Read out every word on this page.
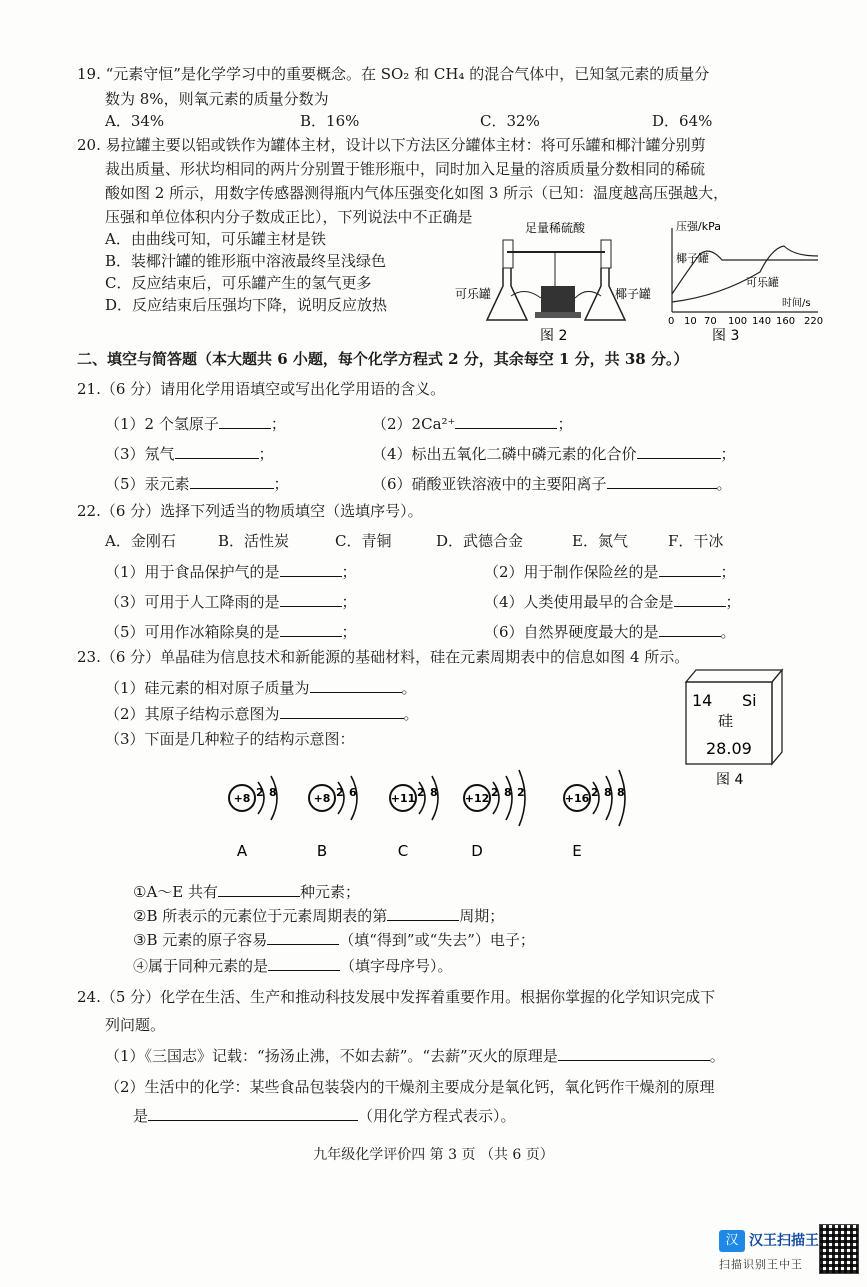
19. “元素守恒”是化学学习中的重要概念。在 SO₂ 和 CH₄ 的混合气体中，已知氢元素的质量分
数为 8%，则氧元素的质量分数为
A．34%	B．16%	C．32%	D．64%
20. 易拉罐主要以铝或铁作为罐体主材，设计以下方法区分罐体主材：将可乐罐和椰汁罐分别剪
裁出质量、形状均相同的两片分别置于锥形瓶中，同时加入足量的溶质质量分数相同的稀硫
酸如图 2 所示，用数字传感器测得瓶内气体压强变化如图 3 所示（已知：温度越高压强越大，
压强和单位体积内分子数成正比），下列说法中不正确是
A．由曲线可知，可乐罐主材是铁
B．装椰汁罐的锥形瓶中溶液最终呈浅绿色
C．反应结束后，可乐罐产生的氢气更多
D．反应结束后压强均下降，说明反应放热
足量稀硫酸
可乐罐	椰子罐
图 2
压强/kPa
椰子罐
可乐罐
时间/s
0 10 70 100 140 160 220
图 3
二、填空与简答题（本大题共 6 小题，每个化学方程式 2 分，其余每空 1 分，共 38 分。）
21.（6 分）请用化学用语填空或写出化学用语的含义。
（1）2 个氢原子	；	（2）2Ca²⁺	；
（3）氖气	；	（4）标出五氧化二磷中磷元素的化合价	；
（5）汞元素	；	（6）硝酸亚铁溶液中的主要阳离子	。
22.（6 分）选择下列适当的物质填空（选填序号）。
A．金刚石	B．活性炭	C．青铜	D．武德合金	E．氮气	F．干冰
（1）用于食品保护气的是	；	（2）用于制作保险丝的是	；
（3）可用于人工降雨的是	；	（4）人类使用最早的合金是	；
（5）可用作冰箱除臭的是	；	（6）自然界硬度最大的是	。
23.（6 分）单晶硅为信息技术和新能源的基础材料，硅在元素周期表中的信息如图 4 所示。
（1）硅元素的相对原子质量为	。
（2）其原子结构示意图为	。
（3）下面是几种粒子的结构示意图：
14 Si
硅
28.09
图 4
+8 2 8
A
+8 2 6
B
+11 2 8
C
+12 2 8 2
D
+16 2 8 8
E
①A～E 共有	种元素；
②B 所表示的元素位于元素周期表的第	周期；
③B 元素的原子容易	（填“得到”或“失去”）电子；
④属于同种元素的是	（填字母序号）。
24.（5 分）化学在生活、生产和推动科技发展中发挥着重要作用。根据你掌握的化学知识完成下
列问题。
（1）《三国志》记载：“扬汤止沸，不如去薪”。“去薪”灭火的原理是	。
（2）生活中的化学：某些食品包装袋内的干燥剂主要成分是氧化钙，氧化钙作干燥剂的原理
是	（用化学方程式表示）。
九年级化学评价四 第 3 页 （共 6 页）
汉 汉王扫描王
扫描识别王中王
